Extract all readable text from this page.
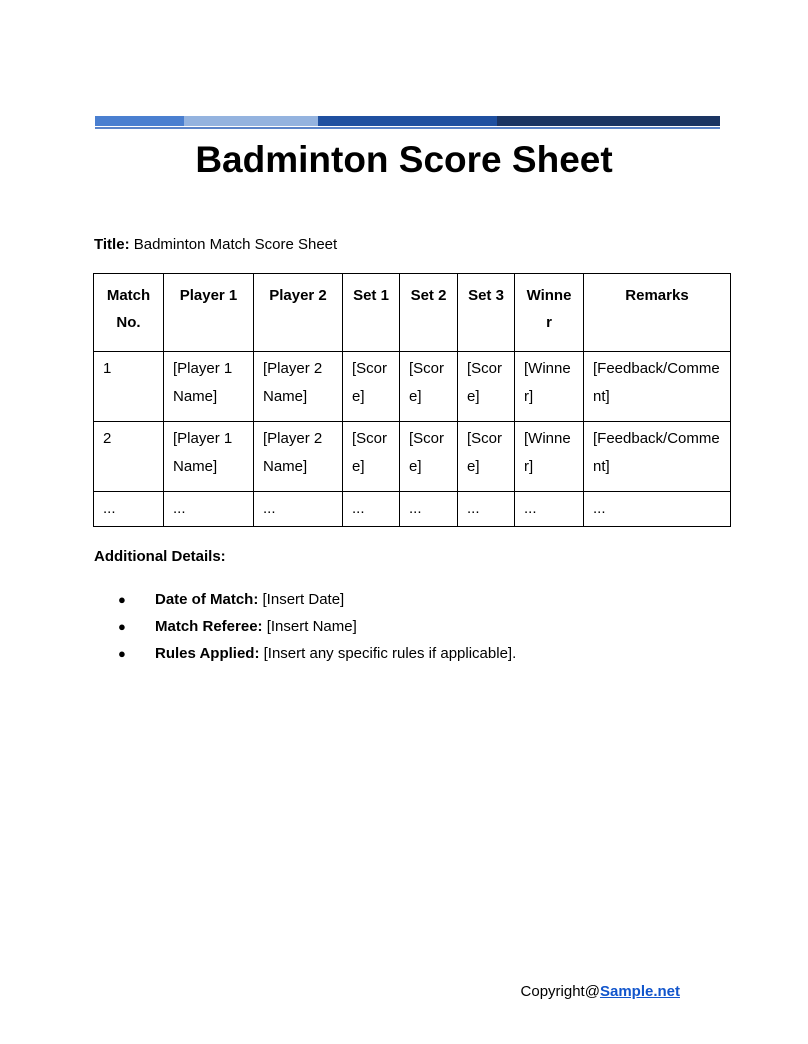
Badminton Score Sheet
Title: Badminton Match Score Sheet
Match No.	Player 1	Player 2	Set 1	Set 2	Set 3	Winner	Remarks
1	[Player 1 Name]	[Player 2 Name]	[Score]	[Score]	[Score]	[Winner]	[Feedback/Comment]
2	[Player 1 Name]	[Player 2 Name]	[Score]	[Score]	[Score]	[Winner]	[Feedback/Comment]
...	...	...	...	...	...	...	...
Additional Details:
● Date of Match: [Insert Date]
● Match Referee: [Insert Name]
● Rules Applied: [Insert any specific rules if applicable].
Copyright@Sample.net
